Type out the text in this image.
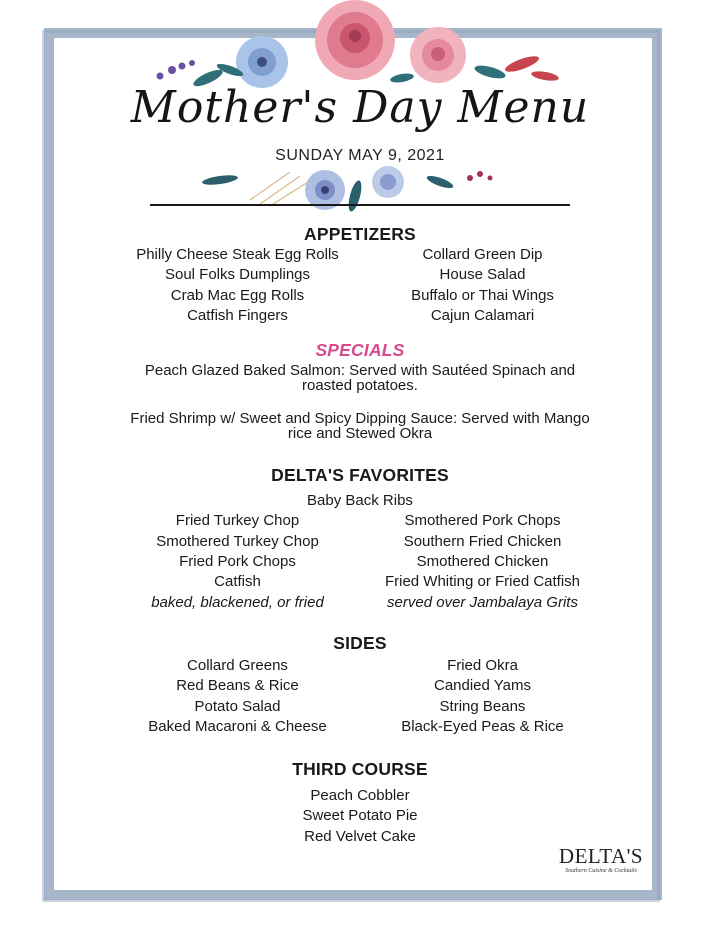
Mother's Day Menu
SUNDAY MAY 9, 2021
APPETIZERS

Philly Cheese Steak Egg Rolls

Soul Folks Dumplings

Crab Mac Egg Rolls

Catfish Fingers

Collard Green Dip

House Salad

Buffalo or Thai Wings

Cajun Calamari

SPECIALS

Peach Glazed Baked Salmon: Served with Sautéed Spinach and roasted potatoes.

Fried Shrimp w/ Sweet and Spicy Dipping Sauce: Served with Mango rice and Stewed Okra

DELTA'S FAVORITES

Baby Back Ribs

Fried Turkey Chop

Smothered Turkey Chop

Fried Pork Chops

Catfish

baked, blackened, or fried

Smothered Pork Chops

Southern Fried Chicken

Smothered Chicken

Fried Whiting or Fried Catfish

served over Jambalaya Grits

SIDES

Collard Greens

Red Beans & Rice

Potato Salad

Baked Macaroni & Cheese

Fried Okra

Candied Yams

String Beans

Black-Eyed Peas & Rice

THIRD COURSE

Peach Cobbler

Sweet Potato Pie

Red Velvet Cake

DELTA'S
Southern Cuisine & Cocktails
